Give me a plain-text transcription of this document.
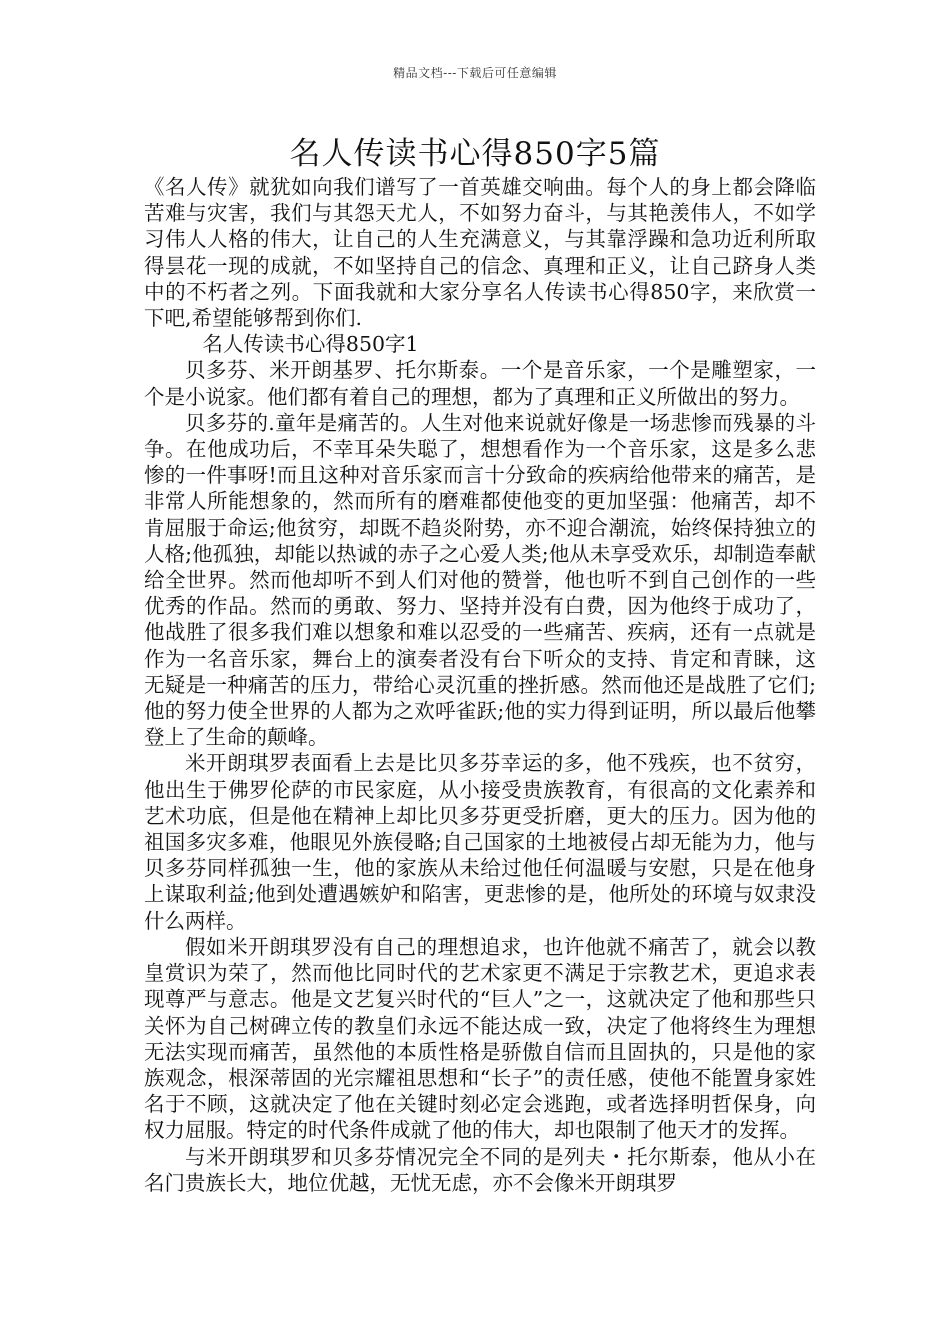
精品文档---下载后可任意编辑
名人传读书心得850字5篇

《名人传》就犹如向我们谱写了一首英雄交响曲。每个人的身上都会降临苦难与灾害，我们与其怨天尤人，不如努力奋斗，与其艳羡伟人，不如学习伟人人格的伟大，让自己的人生充满意义，与其靠浮躁和急功近利所取得昙花一现的成就，不如坚持自己的信念、真理和正义，让自己跻身人类中的不朽者之列。下面我就和大家分享名人传读书心得850字，来欣赏一下吧,希望能够帮到你们.

名人传读书心得850字1

贝多芬、米开朗基罗、托尔斯泰。一个是音乐家，一个是雕塑家，一个是小说家。他们都有着自己的理想，都为了真理和正义所做出的努力。

贝多芬的.童年是痛苦的。人生对他来说就好像是一场悲惨而残暴的斗争。在他成功后，不幸耳朵失聪了，想想看作为一个音乐家，这是多么悲惨的一件事呀!而且这种对音乐家而言十分致命的疾病给他带来的痛苦，是非常人所能想象的，然而所有的磨难都使他变的更加坚强：他痛苦，却不肯屈服于命运;他贫穷，却既不趋炎附势，亦不迎合潮流，始终保持独立的人格;他孤独，却能以热诚的赤子之心爱人类;他从未享受欢乐，却制造奉献给全世界。然而他却听不到人们对他的赞誉，他也听不到自己创作的一些优秀的作品。然而的勇敢、努力、坚持并没有白费，因为他终于成功了，他战胜了很多我们难以想象和难以忍受的一些痛苦、疾病，还有一点就是作为一名音乐家，舞台上的演奏者没有台下听众的支持、肯定和青睐，这无疑是一种痛苦的压力，带给心灵沉重的挫折感。然而他还是战胜了它们;他的努力使全世界的人都为之欢呼雀跃;他的实力得到证明，所以最后他攀登上了生命的颠峰。

米开朗琪罗表面看上去是比贝多芬幸运的多，他不残疾，也不贫穷，他出生于佛罗伦萨的市民家庭，从小接受贵族教育，有很高的文化素养和艺术功底，但是他在精神上却比贝多芬更受折磨，更大的压力。因为他的祖国多灾多难，他眼见外族侵略;自己国家的土地被侵占却无能为力，他与贝多芬同样孤独一生，他的家族从未给过他任何温暖与安慰，只是在他身上谋取利益;他到处遭遇嫉妒和陷害，更悲惨的是，他所处的环境与奴隶没什么两样。

假如米开朗琪罗没有自己的理想追求，也许他就不痛苦了，就会以教皇赏识为荣了，然而他比同时代的艺术家更不满足于宗教艺术，更追求表现尊严与意志。他是文艺复兴时代的“巨人”之一，这就决定了他和那些只关怀为自己树碑立传的教皇们永远不能达成一致，决定了他将终生为理想无法实现而痛苦，虽然他的本质性格是骄傲自信而且固执的，只是他的家族观念，根深蒂固的光宗耀祖思想和“长子”的责任感，使他不能置身家姓名于不顾，这就决定了他在关键时刻必定会逃跑，或者选择明哲保身，向权力屈服。特定的时代条件成就了他的伟大，却也限制了他天才的发挥。

与米开朗琪罗和贝多芬情况完全不同的是列夫・托尔斯泰，他从小在名门贵族长大，地位优越，无忧无虑，亦不会像米开朗琪罗
